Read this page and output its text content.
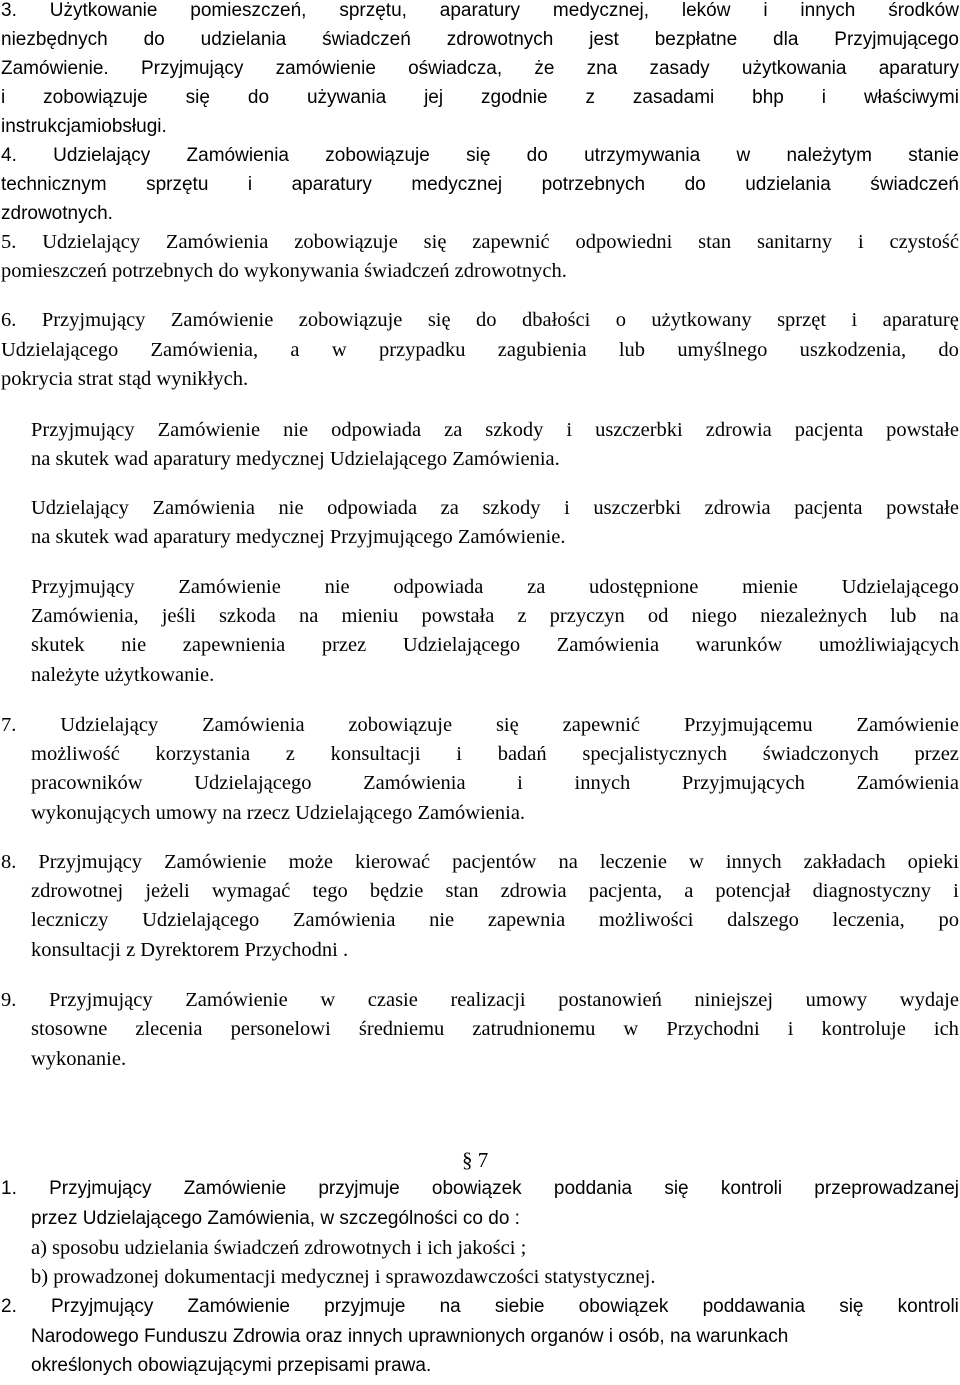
3. Użytkowanie pomieszczeń, sprzętu, aparatury medycznej, leków i innych środków
niezbędnych do udzielania świadczeń zdrowotnych jest bezpłatne dla Przyjmującego
Zamówienie. Przyjmujący zamówienie oświadcza, że zna zasady użytkowania aparatury
i zobowiązuje się do używania jej zgodnie z zasadami bhp i właściwymi
instrukcjamiobsługi.
4. Udzielający Zamówienia zobowiązuje się do utrzymywania w należytym stanie
technicznym sprzętu i aparatury medycznej potrzebnych do udzielania świadczeń
zdrowotnych.
5. Udzielający Zamówienia zobowiązuje się zapewnić odpowiedni stan sanitarny i czystość
pomieszczeń potrzebnych do wykonywania świadczeń zdrowotnych.
6. Przyjmujący Zamówienie zobowiązuje się do dbałości o użytkowany sprzęt i aparaturę
Udzielającego Zamówienia, a w przypadku zagubienia lub umyślnego uszkodzenia, do
pokrycia strat stąd wynikłych.
Przyjmujący Zamówienie nie odpowiada za szkody i uszczerbki zdrowia pacjenta powstałe
na skutek wad aparatury medycznej Udzielającego Zamówienia.
Udzielający Zamówienia nie odpowiada za szkody i uszczerbki zdrowia pacjenta powstałe
na skutek wad aparatury medycznej Przyjmującego Zamówienie.
Przyjmujący Zamówienie nie odpowiada za udostępnione mienie Udzielającego
Zamówienia, jeśli szkoda na mieniu powstała z przyczyn od niego niezależnych lub na
skutek nie zapewnienia przez Udzielającego Zamówienia warunków umożliwiających
należyte użytkowanie.
7. Udzielający Zamówienia zobowiązuje się zapewnić Przyjmującemu Zamówienie
możliwość korzystania z konsultacji i badań specjalistycznych świadczonych przez
pracowników	Udzielającego	Zamówienia	i	innych	Przyjmujących	Zamówienia
wykonujących umowy na rzecz Udzielającego Zamówienia.
8. Przyjmujący Zamówienie może kierować pacjentów na leczenie w innych zakładach opieki
zdrowotnej jeżeli wymagać tego będzie stan zdrowia pacjenta, a potencjał diagnostyczny i
leczniczy Udzielającego Zamówienia nie zapewnia możliwości dalszego leczenia, po
konsultacji z Dyrektorem Przychodni .
9. Przyjmujący Zamówienie w czasie realizacji postanowień niniejszej umowy wydaje
stosowne zlecenia personelowi średniemu zatrudnionemu w Przychodni i kontroluje ich
wykonanie.
§ 7
1. Przyjmujący Zamówienie przyjmuje obowiązek poddania się kontroli przeprowadzanej
przez Udzielającego Zamówienia, w szczególności co do :
a) sposobu udzielania świadczeń zdrowotnych i ich jakości ;
b) prowadzonej dokumentacji medycznej i sprawozdawczości statystycznej.
2. Przyjmujący Zamówienie przyjmuje na siebie obowiązek poddawania się kontroli
Narodowego Funduszu Zdrowia oraz innych uprawnionych organów i osób, na warunkach
określonych obowiązującymi przepisami prawa.
